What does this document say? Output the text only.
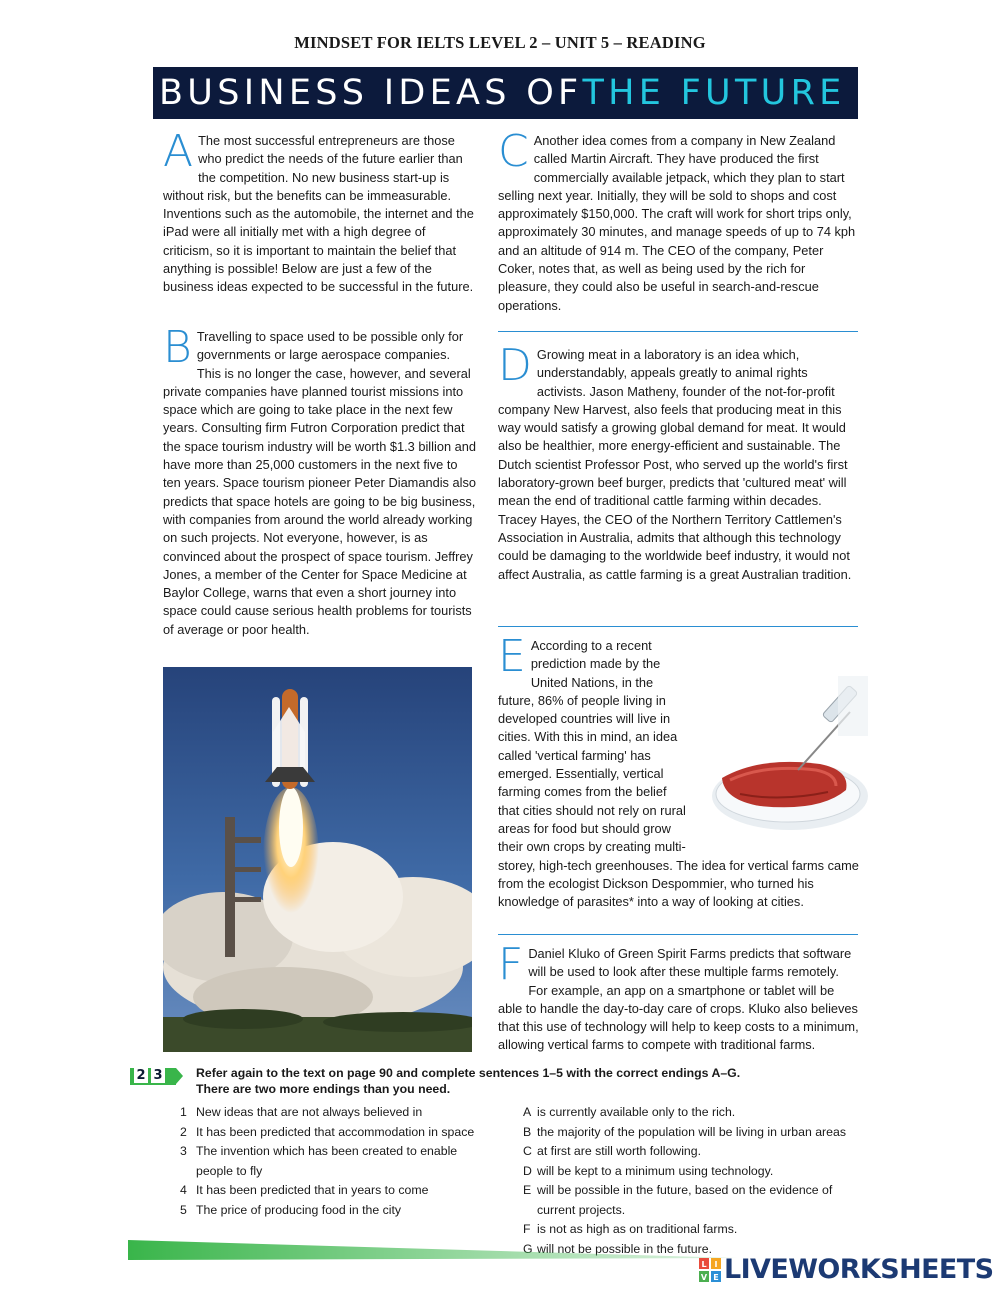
MINDSET FOR IELTS LEVEL 2 – UNIT 5 – READING
BUSINESS IDEAS OF THE FUTURE

A The most successful entrepreneurs are those who predict the needs of the future earlier than the competition. No new business start-up is without risk, but the benefits can be immeasurable. Inventions such as the automobile, the internet and the iPad were all initially met with a high degree of criticism, so it is important to maintain the belief that anything is possible! Below are just a few of the business ideas expected to be successful in the future.

B Travelling to space used to be possible only for governments or large aerospace companies. This is no longer the case, however, and several private companies have planned tourist missions into space which are going to take place in the next few years. Consulting firm Futron Corporation predict that the space tourism industry will be worth $1.3 billion and have more than 25,000 customers in the next five to ten years. Space tourism pioneer Peter Diamandis also predicts that space hotels are going to be big business, with companies from around the world already working on such projects. Not everyone, however, is as convinced about the prospect of space tourism. Jeffrey Jones, a member of the Center for Space Medicine at Baylor College, warns that even a short journey into space could cause serious health problems for tourists of average or poor health.

C Another idea comes from a company in New Zealand called Martin Aircraft. They have produced the first commercially available jetpack, which they plan to start selling next year. Initially, they will be sold to shops and cost approximately $150,000. The craft will work for short trips only, approximately 30 minutes, and manage speeds of up to 74 kph and an altitude of 914 m. The CEO of the company, Peter Coker, notes that, as well as being used by the rich for pleasure, they could also be useful in search-and-rescue operations.

D Growing meat in a laboratory is an idea which, understandably, appeals greatly to animal rights activists. Jason Matheny, founder of the not-for-profit company New Harvest, also feels that producing meat in this way would satisfy a growing global demand for meat. It would also be healthier, more energy-efficient and sustainable. The Dutch scientist Professor Post, who served up the world's first laboratory-grown beef burger, predicts that 'cultured meat' will mean the end of traditional cattle farming within decades. Tracey Hayes, the CEO of the Northern Territory Cattlemen's Association in Australia, admits that although this technology could be damaging to the worldwide beef industry, it would not affect Australia, as cattle farming is a great Australian tradition.

E According to a recent prediction made by the United Nations, in the future, 86% of people living in developed countries will live in cities. With this in mind, an idea called 'vertical farming' has emerged. Essentially, vertical farming comes from the belief that cities should not rely on rural areas for food but should grow their own crops by creating multi-storey, high-tech greenhouses. The idea for vertical farms came from the ecologist Dickson Despommier, who turned his knowledge of parasites* into a way of looking at cities.

F Daniel Kluko of Green Spirit Farms predicts that software will be used to look after these multiple farms remotely. For example, an app on a smartphone or tablet will be able to handle the day-to-day care of crops. Kluko also believes that this use of technology will help to keep costs to a minimum, allowing vertical farms to compete with traditional farms.

2 3	Refer again to the text on page 90 and complete sentences 1–5 with the correct endings A–G.
There are two more endings than you need.
1 New ideas that are not always believed in
2 It has been predicted that accommodation in space
3 The invention which has been created to enable people to fly
4 It has been predicted that in years to come
5 The price of producing food in the city
A is currently available only to the rich.
B the majority of the population will be living in urban areas
C at first are still worth following.
D will be kept to a minimum using technology.
E will be possible in the future, based on the evidence of current projects.
F is not as high as on traditional farms.
G will not be possible in the future.
L I
V E LIVEWORKSHEETS
